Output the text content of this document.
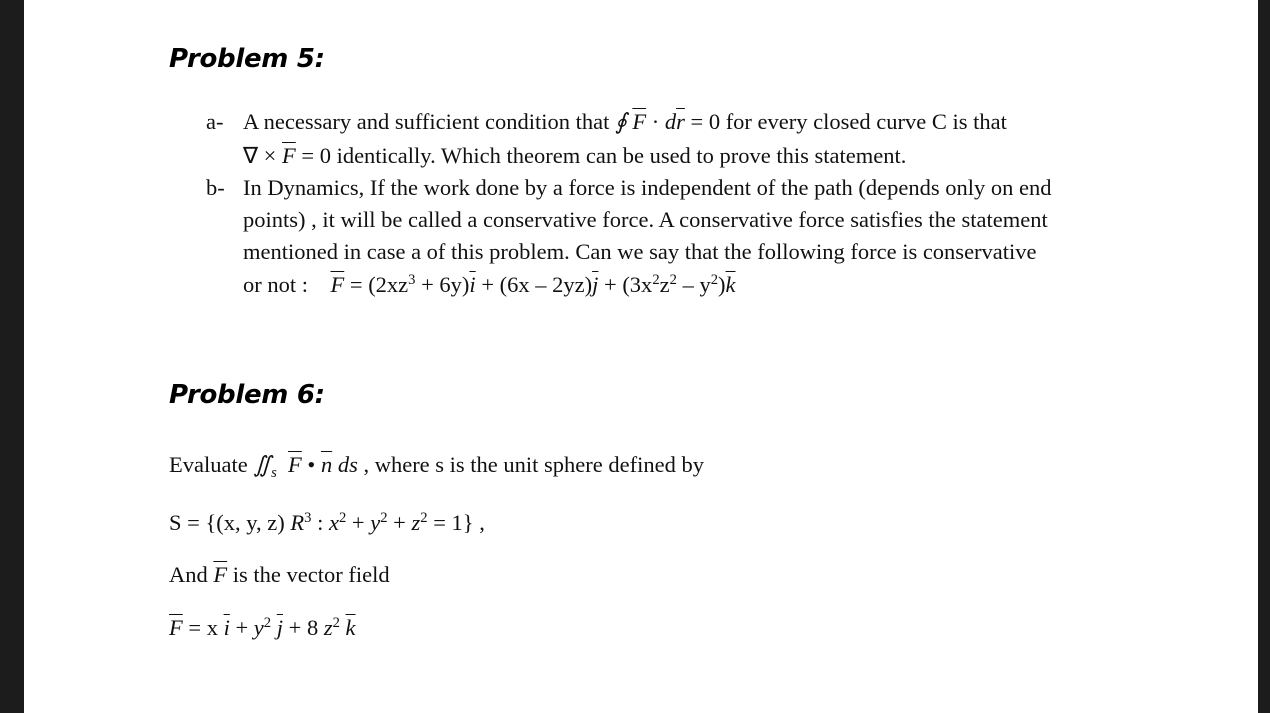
Problem 5:
a- A necessary and sufficient condition that ∮ $\overline{F} \cdot d\overline{r} = 0$ for every closed curve C is that
∇ × $\overline{F} = 0$ identically. Which theorem can be used to prove this statement.
b- In Dynamics, If the work done by a force is independent of the path (depends only on end
points) , it will be called a conservative force. A conservative force satisfies the statement
mentioned in case a of this problem. Can we say that the following force is conservative
or not : $\overline{F} = (2xz^3 + 6y)\overline{i} + (6x - 2yz)\overline{j} + (3x^2z^2 - y^2)\overline{k}$
Problem 6:
Evaluate $∬_s$ $\overline{F}$ • $\overline{n}$ ds , where s is the unit sphere defined by
S = {(x, y, z) $R^3$ : $x^2 + y^2 + z^2 = 1$} ,
And $\overline{F}$ is the vector field
$\overline{F} = x$ $\overline{i} + y^2$ $\overline{j} + 8$ $z^2$ $\overline{k}$
